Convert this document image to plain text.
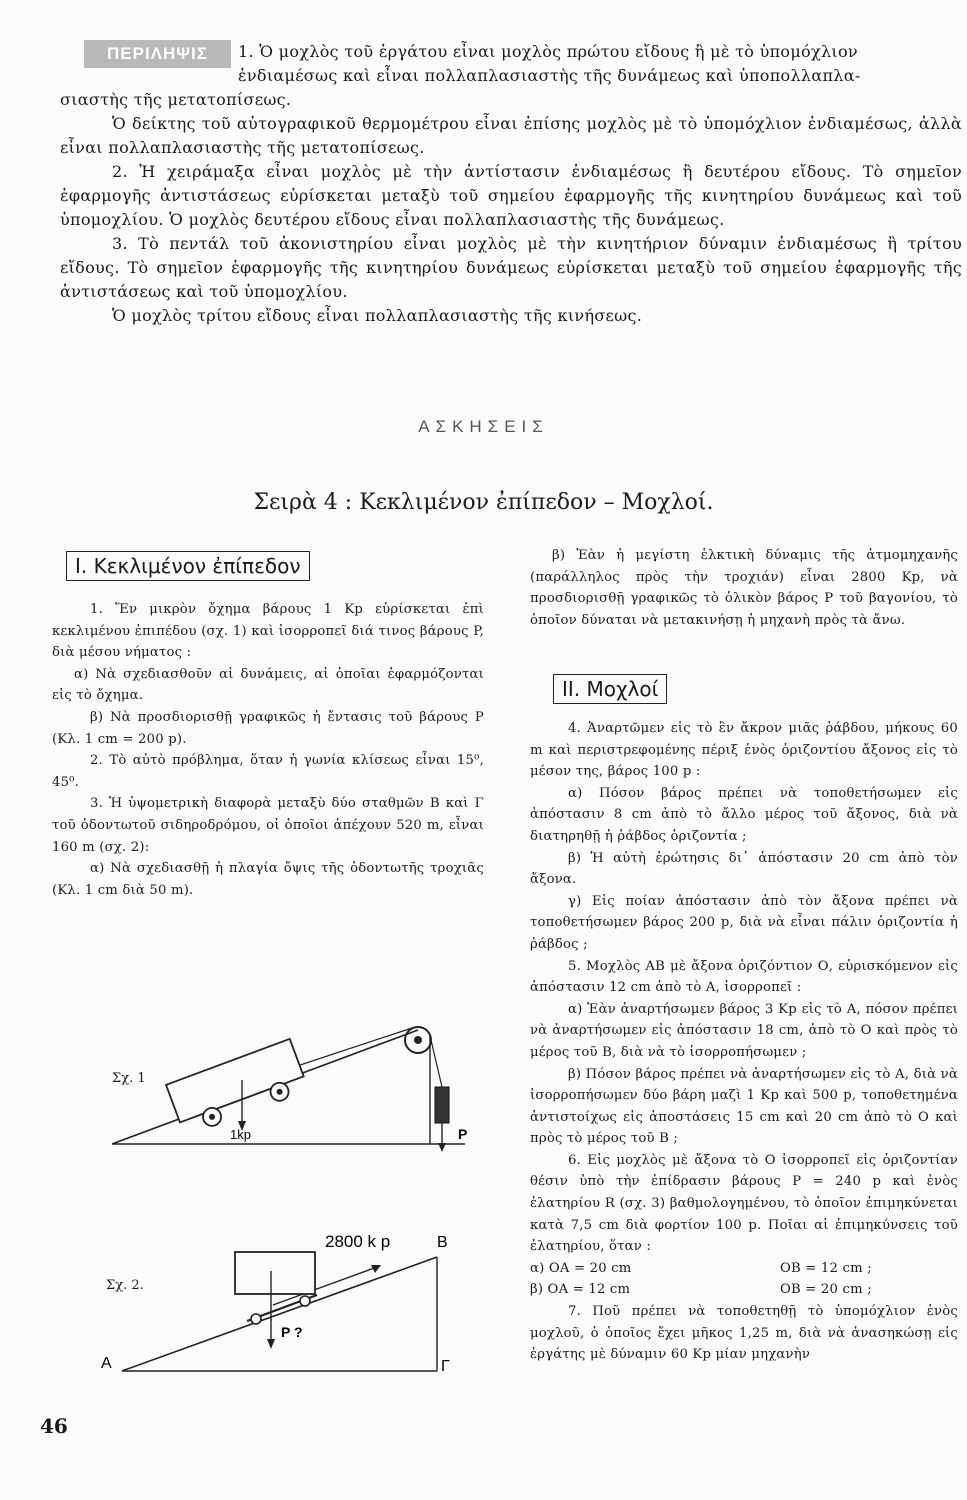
ΠΕΡΙΛΗΨΙΣ	1. Ὁ μοχλὸς τοῦ ἐργάτου εἶναι μοχλὸς πρώτου εἴδους ἢ μὲ τὸ ὑπομόχλιον

ἐνδιαμέσως καὶ εἶναι πολλαπλασιαστὴς τῆς δυνάμεως καὶ ὑποπολλαπλα-

σιαστὴς τῆς μετατοπίσεως.

Ὁ δείκτης τοῦ αὐτογραφικοῦ θερμομέτρου εἶναι ἐπίσης μοχλὸς μὲ τὸ ὑπομόχλιον ἐνδιαμέσως, ἀλλὰ εἶναι πολλαπλασιαστὴς τῆς μετατοπίσεως.

2. Ἡ χειράμαξα εἶναι μοχλὸς μὲ τὴν ἀντίστασιν ἐνδιαμέσως ἢ δευτέρου εἴδους. Τὸ σημεῖον ἐφαρμογῆς ἀντιστάσεως εὑρίσκεται μεταξὺ τοῦ σημείου ἐφαρμογῆς τῆς κινητηρίου δυνάμεως καὶ τοῦ ὑπομοχλίου. Ὁ μοχλὸς δευτέρου εἴδους εἶναι πολλαπλασιαστὴς τῆς δυνάμεως.

3. Τὸ πεντάλ τοῦ ἀκονιστηρίου εἶναι μοχλὸς μὲ τὴν κινητήριον δύναμιν ἐνδιαμέσως ἢ τρίτου εἴδους. Τὸ σημεῖον ἐφαρμογῆς τῆς κινητηρίου δυνάμεως εὑρίσκεται μεταξὺ τοῦ σημείου ἐφαρμογῆς τῆς ἀντιστάσεως καὶ τοῦ ὑπομοχλίου.

Ὁ μοχλὸς τρίτου εἴδους εἶναι πολλαπλασιαστὴς τῆς κινήσεως.

ΑΣΚΗΣΕΙΣ
Σειρὰ 4 : Κεκλιμένον ἐπίπεδον – Μοχλοί.
Ι. Κεκλιμένον ἐπίπεδον

1. Ἕν μικρὸν ὄχημα βάρους 1 Kp εὑρίσκεται ἐπὶ κεκλιμένου ἐπιπέδου (σχ. 1) καὶ ἰσορροπεῖ διά τινος βάρους P, διὰ μέσου νήματος :

α) Νὰ σχεδιασθοῦν αἱ δυνάμεις, αἱ ὁποῖαι ἐφαρμόζονται εἰς τὸ ὄχημα.

β) Νὰ προσδιορισθῇ γραφικῶς ἡ ἔντασις τοῦ βάρους P (Κλ. 1 cm = 200 p).

2. Τὸ αὐτὸ πρόβλημα, ὅταν ἡ γωνία κλίσεως εἶναι 15⁰, 45⁰.

3. Ἡ ὑψομετρικὴ διαφορὰ μεταξὺ δύο σταθμῶν Β καὶ Γ τοῦ ὀδοντωτοῦ σιδηροδρόμου, οἱ ὁποῖοι ἀπέχουν 520 m, εἶναι 160 m (σχ. 2):

α) Νὰ σχεδιασθῇ ἡ πλαγία ὄψις τῆς ὀδοντωτῆς τροχιᾶς (Κλ. 1 cm διὰ 50 m).

1kp	P
Σχ. 1
2800 k p	Β
P ?
Α	Γ
Σχ. 2.

β) Ἐὰν ἡ μεγίστη ἑλκτικὴ δύναμις τῆς ἀτμομηχανῆς (παράλληλος πρὸς τὴν τροχιάν) εἶναι 2800 Kp, νὰ προσδιορισθῇ γραφικῶς τὸ ὁλικὸν βάρος P τοῦ βαγονίου, τὸ ὁποῖον δύναται νὰ μετακινήσῃ ἡ μηχανὴ πρὸς τὰ ἄνω.

ΙΙ. Μοχλοί

4. Ἀναρτῶμεν εἰς τὸ ἓν ἄκρον μιᾶς ῥάβδου, μήκους 60 m καὶ περιστρεφομένης πέριξ ἑνὸς ὁριζοντίου ἄξονος εἰς τὸ μέσον της, βάρος 100 p :

α) Πόσον βάρος πρέπει νὰ τοποθετήσωμεν εἰς ἀπόστασιν 8 cm ἀπὸ τὸ ἄλλο μέρος τοῦ ἄξονος, διὰ νὰ διατηρηθῇ ἡ ῥάβδος ὁριζοντία ;

β) Ἡ αὐτὴ ἐρώτησις δι᾽ ἀπόστασιν 20 cm ἀπὸ τὸν ἄξονα.

γ) Εἰς ποίαν ἀπόστασιν ἀπὸ τὸν ἄξονα πρέπει νὰ τοποθετήσωμεν βάρος 200 p, διὰ νὰ εἶναι πάλιν ὁριζοντία ἡ ῥάβδος ;

5. Μοχλὸς ΑΒ μὲ ἄξονα ὁριζόντιον Ο, εὑρισκόμενον εἰς ἀπόστασιν 12 cm ἀπὸ τὸ Α, ἰσορροπεῖ :

α) Ἐὰν ἀναρτήσωμεν βάρος 3 Kp εἰς τὸ Α, πόσον πρέπει νὰ ἀναρτήσωμεν εἰς ἀπόστασιν 18 cm, ἀπὸ τὸ Ο καὶ πρὸς τὸ μέρος τοῦ Β, διὰ νὰ τὸ ἰσορροπήσωμεν ;

β) Πόσον βάρος πρέπει νὰ ἀναρτήσωμεν εἰς τὸ Α, διὰ νὰ ἰσορροπήσωμεν δύο βάρη μαζὶ 1 Kp καὶ 500 p, τοποθετημένα ἀντιστοίχως εἰς ἀποστάσεις 15 cm καὶ 20 cm ἀπὸ τὸ Ο καὶ πρὸς τὸ μέρος τοῦ Β ;

6. Εἰς μοχλὸς μὲ ἄξονα τὸ Ο ἰσορροπεῖ εἰς ὁριζοντίαν θέσιν ὑπὸ τὴν ἐπίδρασιν βάρους P = 240 p καὶ ἑνὸς ἐλατηρίου R (σχ. 3) βαθμολογημένου, τὸ ὁποῖον ἐπιμηκύνεται κατὰ 7,5 cm διὰ φορτίον 100 p. Ποῖαι αἱ ἐπιμηκύνσεις τοῦ ἐλατηρίου, ὅταν :

α) ΟΑ = 20 cm	ΟΒ = 12 cm ;
β) ΟΑ = 12 cm	ΟΒ = 20 cm ;

7. Ποῦ πρέπει νὰ τοποθετηθῇ τὸ ὑπομόχλιον ἑνὸς μοχλοῦ, ὁ ὁποῖος ἔχει μῆκος 1,25 m, διὰ νὰ ἀνασηκώσῃ εἰς ἐργάτης μὲ δύναμιν 60 Kp μίαν μηχανὴν

46
